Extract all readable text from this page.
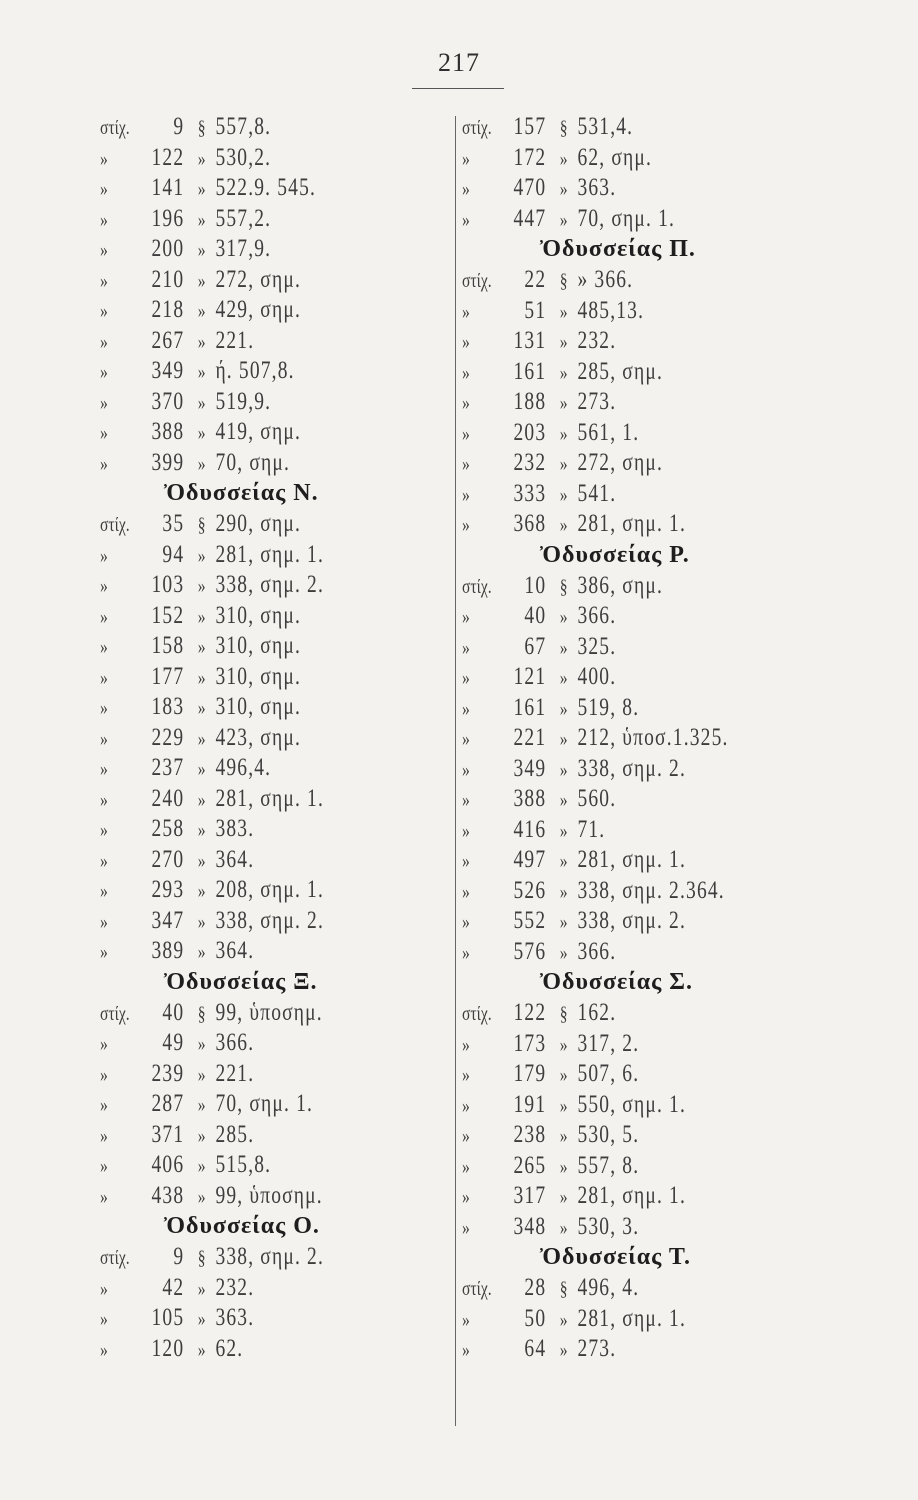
217
στίχ. 9 § 557,8.
» 122 » 530,2.
» 141 » 522.9. 545.
» 196 » 557,2.
» 200 » 317,9.
» 210 » 272, σημ.
» 218 » 429, σημ.
» 267 » 221.
» 349 » ή. 507,8.
» 370 » 519,9.
» 388 » 419, σημ.
» 399 » 70, σημ.
Ὀδυσσείας Ν.
στίχ. 35 § 290, σημ.
» 94 » 281, σημ. 1.
» 103 » 338, σημ. 2.
» 152 » 310, σημ.
» 158 » 310, σημ.
» 177 » 310, σημ.
» 183 » 310, σημ.
» 229 » 423, σημ.
» 237 » 496,4.
» 240 » 281, σημ. 1.
» 258 » 383.
» 270 » 364.
» 293 » 208, σημ. 1.
» 347 » 338, σημ. 2.
» 389 » 364.
Ὀδυσσείας Ξ.
στίχ. 40 § 99, ὑποσημ.
» 49 » 366.
» 239 » 221.
» 287 » 70, σημ. 1.
» 371 » 285.
» 406 » 515,8.
» 438 » 99, ὑποσημ.
Ὀδυσσείας Ο.
στίχ. 9 § 338, σημ. 2.
» 42 » 232.
» 105 » 363.
» 120 » 62.
στίχ. 157 § 531,4.
» 172 » 62, σημ.
» 470 » 363.
» 447 » 70, σημ. 1.
Ὀδυσσείας Π.
στίχ. 22 § » 366.
» 51 » 485,13.
» 131 » 232.
» 161 » 285, σημ.
» 188 » 273.
» 203 » 561, 1.
» 232 » 272, σημ.
» 333 » 541.
» 368 » 281, σημ. 1.
Ὀδυσσείας Ρ.
στίχ. 10 § 386, σημ.
» 40 » 366.
» 67 » 325.
» 121 » 400.
» 161 » 519, 8.
» 221 » 212, ὑποσ.1.325.
» 349 » 338, σημ. 2.
» 388 » 560.
» 416 » 71.
» 497 » 281, σημ. 1.
» 526 » 338, σημ. 2.364.
» 552 » 338, σημ. 2.
» 576 » 366.
Ὀδυσσείας Σ.
στίχ. 122 § 162.
» 173 » 317, 2.
» 179 » 507, 6.
» 191 » 550, σημ. 1.
» 238 » 530, 5.
» 265 » 557, 8.
» 317 » 281, σημ. 1.
» 348 » 530, 3.
Ὀδυσσείας Τ.
στίχ. 28 § 496, 4.
» 50 » 281, σημ. 1.
» 64 » 273.
